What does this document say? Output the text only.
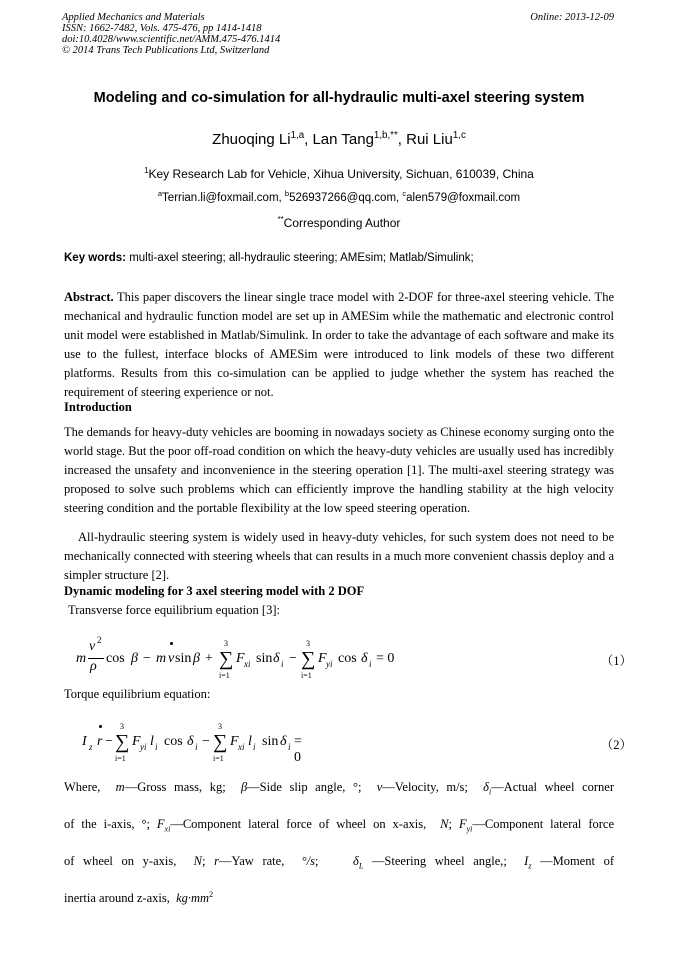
Applied Mechanics and Materials
ISSN: 1662-7482, Vols. 475-476, pp 1414-1418
doi:10.4028/www.scientific.net/AMM.475-476.1414
© 2014 Trans Tech Publications Ltd, Switzerland
Online: 2013-12-09
Modeling and co-simulation for all-hydraulic multi-axel steering system
Zhuoqing Li$^{1,a}$, Lan Tang$^{1,b,**}$, Rui Liu$^{1,c}$
$^1$Key Research Lab for Vehicle, Xihua University, Sichuan, 610039, China
$^a$Terrian.li@foxmail.com, $^b$526937266@qq.com, $^c$alen579@foxmail.com
**Corresponding Author
Key words: multi-axel steering; all-hydraulic steering; AMEsim; Matlab/Simulink;
Abstract. This paper discovers the linear single trace model with 2-DOF for three-axel steering vehicle. The mechanical and hydraulic function model are set up in AMESim while the mathematic and electronic control unit model were established in Matlab/Simulink. In order to take the advantage of each software and make its use to the fullest, interface blocks of AMESim were introduced to link models of these two different platforms. Results from this co-simulation can be applied to judge whether the system has reached the requirement of steering experience or not.
Introduction
The demands for heavy-duty vehicles are booming in nowadays society as Chinese economy surging onto the world stage. But the poor off-road condition on which the heavy-duty vehicles are usually used has incredibly increased the unsafety and inconvenience in the steering operation [1]. The multi-axel steering strategy was proposed to solve such problems which can efficiently improve the handling stability at the high velocity steering condition and the portable flexibility at the low speed steering operation.
All-hydraulic steering system is widely used in heavy-duty vehicles, for such system does not need to be mechanically connected with steering wheels that can results in a much more convenient chassis deploy and a simpler structure [2].
Dynamic modeling for 3 axel steering model with 2 DOF
Transverse force equilibrium equation [3]:
m
v 2
ρ
cos β − m v sin β + ∑
3
i=1
F xi sin δ i − ∑
3
i=1
F yi cos δ i = 0	（1）
Torque equilibrium equation:
I z r − ∑
3
i=1
F yi l i cos δ i − ∑
3
i=1
F xi l i sin δ i = 0
（2）
Where, m—Gross mass, kg; β—Side slip angle, °; v—Velocity, m/s; $\delta_i—Actual$ wheel corner
of the i-axis, °; $F_{xi}—Component$ lateral force of wheel on x-axis, N; $F_{yi}—Component$ lateral force
of wheel on y-axis, N; r—Yaw rate, °/s;	$\delta_L$ —Steering wheel angle,; $I_z$ —Moment of
inertia around z-axis, $kg\cdot mm^2$
